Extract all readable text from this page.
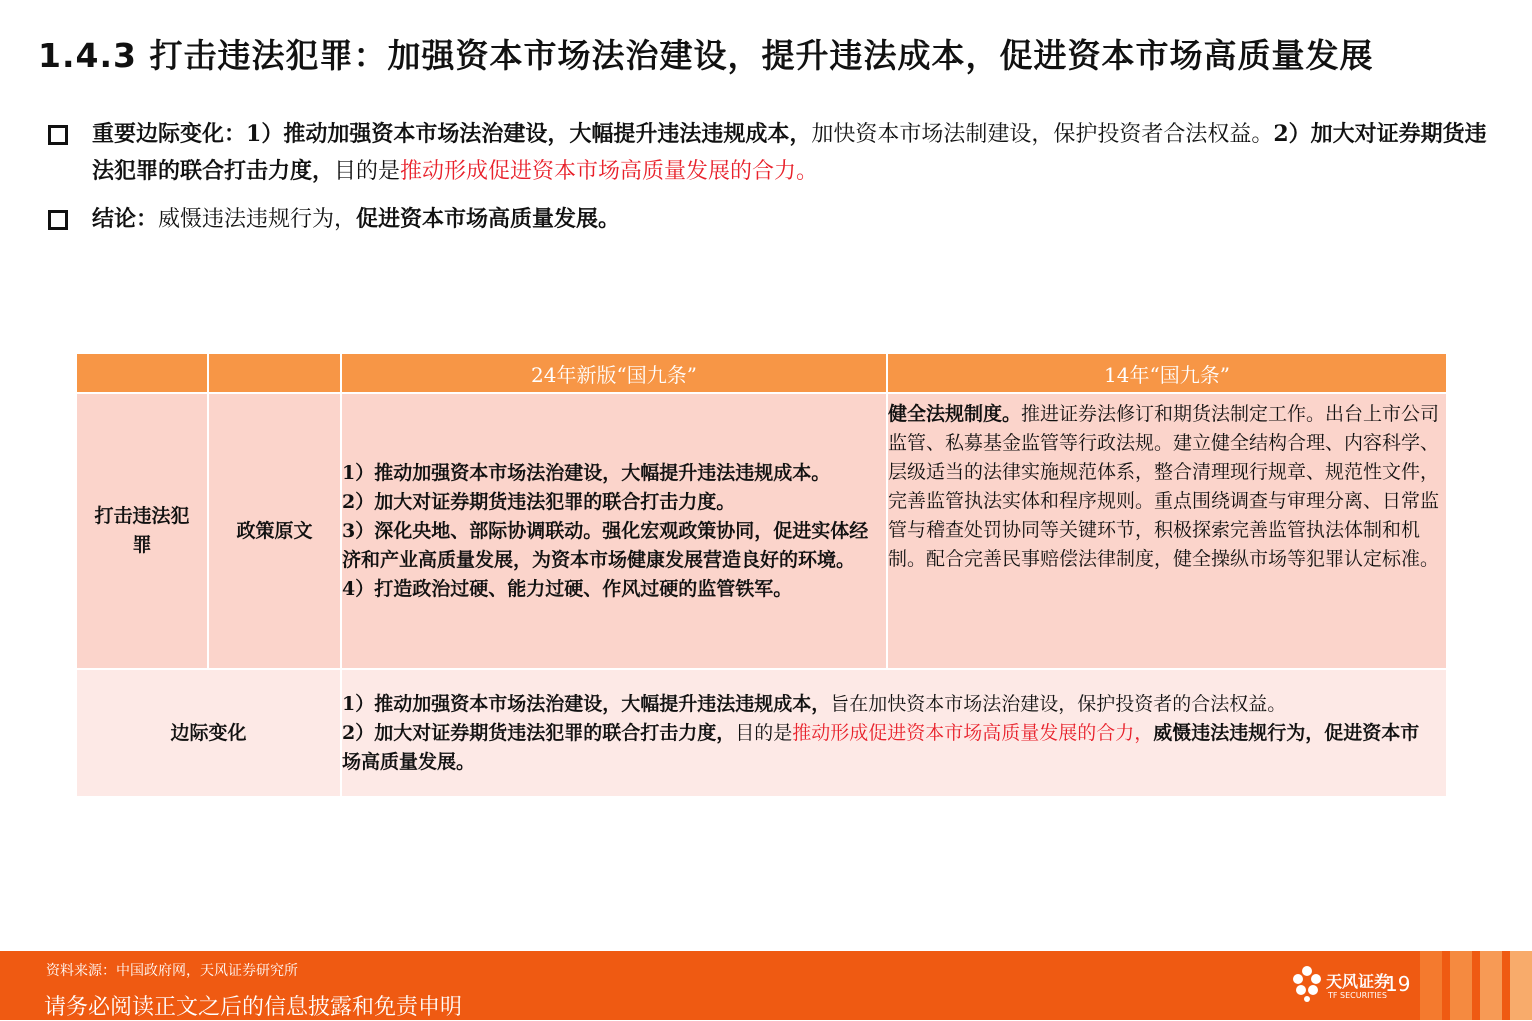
1.4.3 打击违法犯罪：加强资本市场法治建设，提升违法成本，促进资本市场高质量发展
重要边际变化：1）推动加强资本市场法治建设，大幅提升违法违规成本，加快资本市场法制建设，保护投资者合法权益。2）加大对证券期货违法犯罪的联合打击力度，目的是推动形成促进资本市场高质量发展的合力。
结论：威慑违法违规行为，促进资本市场高质量发展。
		24年新版“国九条”	14年“国九条”
打击违法犯罪	政策原文	1）推动加强资本市场法治建设，大幅提升违法违规成本。
2）加大对证券期货违法犯罪的联合打击力度。
3）深化央地、部际协调联动。强化宏观政策协同，促进实体经济和产业高质量发展，为资本市场健康发展营造良好的环境。
4）打造政治过硬、能力过硬、作风过硬的监管铁军。	健全法规制度。推进证券法修订和期货法制定工作。出台上市公司监管、私募基金监管等行政法规。建立健全结构合理、内容科学、层级适当的法律实施规范体系，整合清理现行规章、规范性文件，完善监管执法实体和程序规则。重点围绕调查与审理分离、日常监管与稽查处罚协同等关键环节，积极探索完善监管执法体制和机制。配合完善民事赔偿法律制度，健全操纵市场等犯罪认定标准。
边际变化		1）推动加强资本市场法治建设，大幅提升违法违规成本，旨在加快资本市场法治建设，保护投资者的合法权益。
2）加大对证券期货违法犯罪的联合打击力度，目的是推动形成促进资本市场高质量发展的合力，威慑违法违规行为，促进资本市场高质量发展。	
资料来源：中国政府网，天风证券研究所
请务必阅读正文之后的信息披露和免责申明
天风证券
TF SECURITIES
19
